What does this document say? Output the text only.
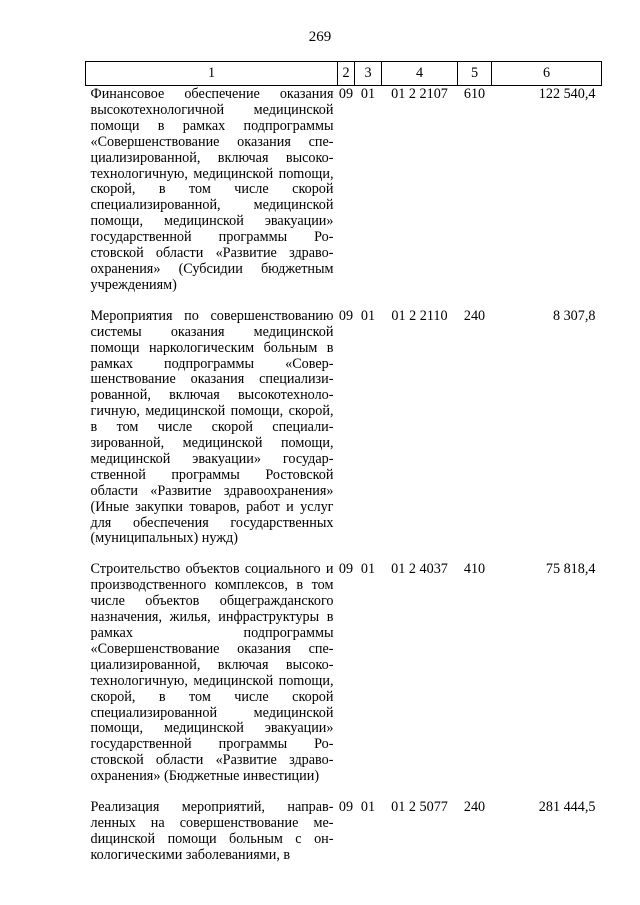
269
1	2	3	4	5	6
Финансовое обеспечение оказания высокотехнологичной медицинской помощи в рамках подпрограммы «Совершенствование оказания специализированной, включая высокотехнологичную, медицинской поmощи, скорой, в том числе скорой специализированной, медицинской помощи, медицинской эвакуации» государственной программы Ростовской области «Развитие здравоохранения» (Субсидии бюджетным учреждениям)	09	01	01 2 2107	610	122 540,4
Мероприятия по совершенствованию системы оказания медицинской помощи наркологическим больным в рамках подпрограммы «Совершенствование оказания специализированной, включая высокотехнологичную, медицинской помощи, скорой, в том числе скорой специализированной, медицинской помощи, медицинской эвакуации» государственной программы Ростовской области «Развитие здравоохранения» (Иные закупки товаров, работ и услуг для обеспечения государственных (муниципальных) нужд)	09	01	01 2 2110	240	8 307,8
Строительство объектов социального и производственного комплексов, в том числе объектов общегражданского назначения, жилья, инфраструктуры в рамках подпрограммы «Совершенствование оказания специализированной, включая высокотехнологичную, медицинской поmощи, скорой, в том числе скорой специализированной медицинской помощи, медицинской эвакуации» государственной программы Ростовской области «Развитие здравоохранения» (Бюджетные инвестиции)	09	01	01 2 4037	410	75 818,4
Реализация мероприятий, направленных на совершенствование меdицинской помощи больным с онкологическими заболеваниями, в	09	01	01 2 5077	240	281 444,5
